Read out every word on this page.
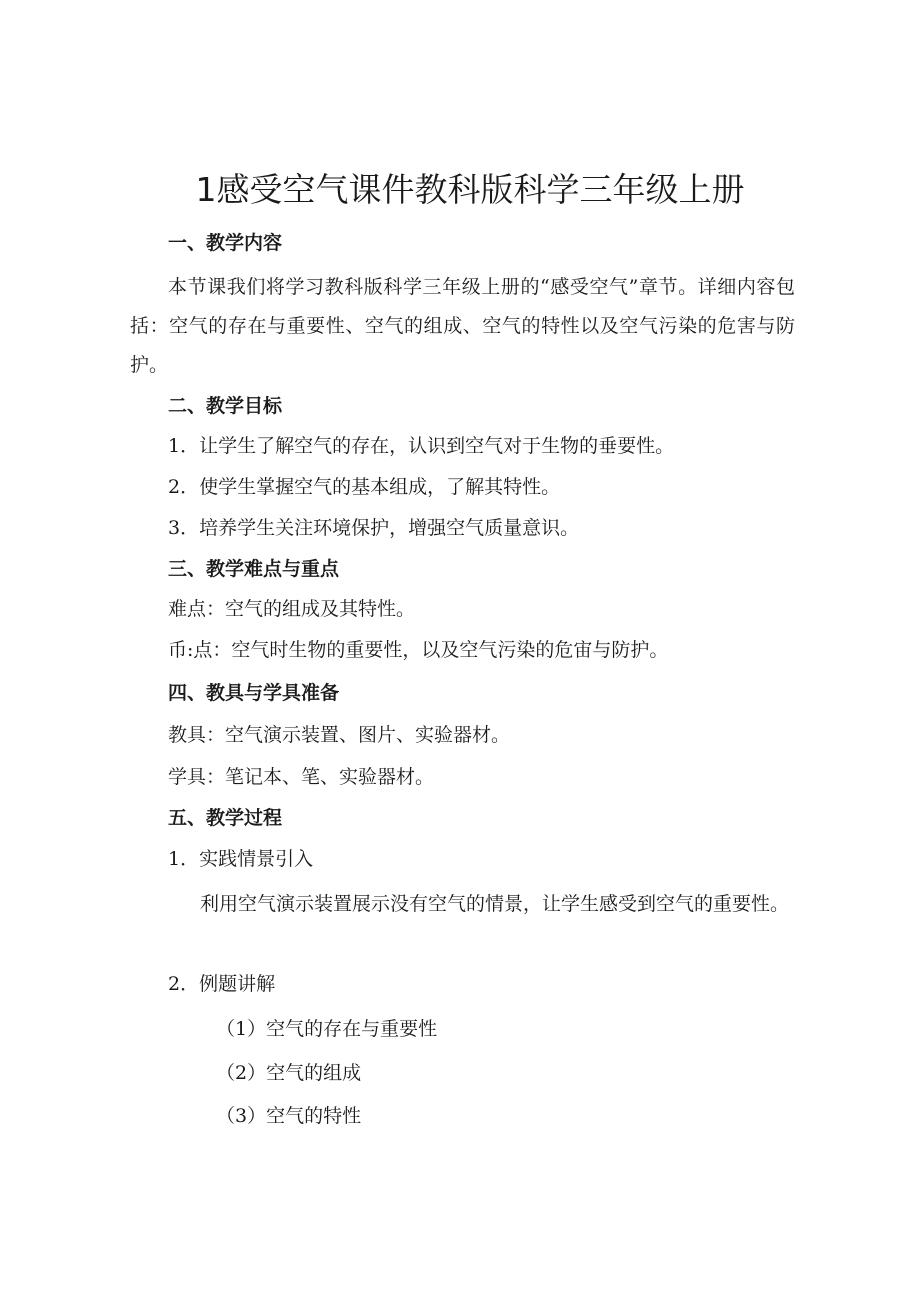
1感受空气课件教科版科学三年级上册
一、教学内容

本节课我们将学习教科版科学三年级上册的“感受空气”章节。详细内容包括：空气的存在与重要性、空气的组成、空气的特性以及空气污染的危害与防护。

二、教学目标
1．让学生了解空气的存在，认识到空气对于生物的垂要性。
2．使学生掌握空气的基本组成，了解其特性。
3．培养学生关注环境保护，增强空气质量意识。
三、教学难点与重点
难点：空气的组成及其特性。
币:点：空气时生物的重要性，以及空气污染的危宙与防护。
四、教具与学具准备
教具：空气演示装置、图片、实验器材。
学具：笔记本、笔、实验器材。
五、教学过程
1．实践情景引入

利用空气演示装置展示没有空气的情景，让学生感受到空气的重要性。

2．例题讲解
（1）空气的存在与重要性
（2）空气的组成
（3）空气的特性
